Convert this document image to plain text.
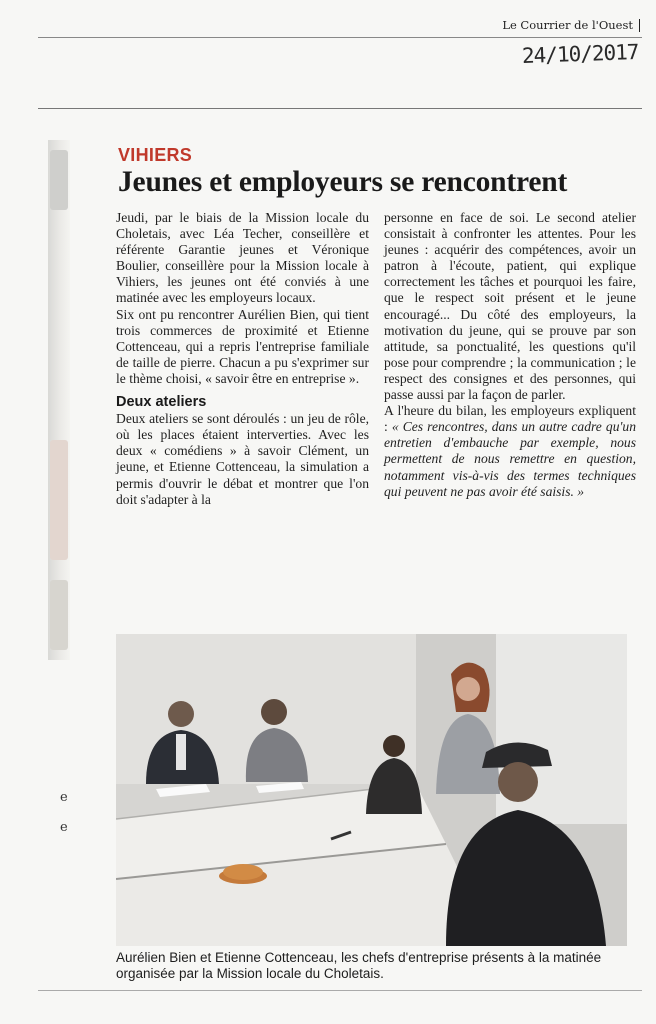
e
e
Le Courrier de l'Ouest
24/10/2017
VIHIERS
Jeunes et employeurs se rencontrent

Jeudi, par le biais de la Mission locale du Choletais, avec Léa Techer, conseillère et référente Garantie jeunes et Véronique Boulier, conseillère pour la Mission locale à Vihiers, les jeunes ont été conviés à une matinée avec les employeurs locaux.

Six ont pu rencontrer Aurélien Bien, qui tient trois commerces de proximité et Etienne Cottenceau, qui a repris l'entreprise familiale de taille de pierre. Chacun a pu s'exprimer sur le thème choisi, « savoir être en entreprise ».

Deux ateliers

Deux ateliers se sont déroulés : un jeu de rôle, où les places étaient interverties. Avec les deux « comédiens » à savoir Clément, un jeune, et Etienne Cottenceau, la simulation a permis d'ouvrir le débat et montrer que l'on doit s'adapter à la

personne en face de soi. Le second atelier consistait à confronter les attentes. Pour les jeunes : acquérir des compétences, avoir un patron à l'écoute, patient, qui explique correctement les tâches et pourquoi les faire, que le respect soit présent et le jeune encouragé... Du côté des employeurs, la motivation du jeune, qui se prouve par son attitude, sa ponctualité, les questions qu'il pose pour comprendre ; la communication ; le respect des consignes et des personnes, qui passe aussi par la façon de parler.

A l'heure du bilan, les employeurs expliquent : « Ces rencontres, dans un autre cadre qu'un entretien d'embauche par exemple, nous permettent de nous remettre en question, notamment vis-à-vis des termes techniques qui peuvent ne pas avoir été saisis. »

Aurélien Bien et Etienne Cottenceau, les chefs d'entreprise présents à la matinée organisée par la Mission locale du Choletais.
